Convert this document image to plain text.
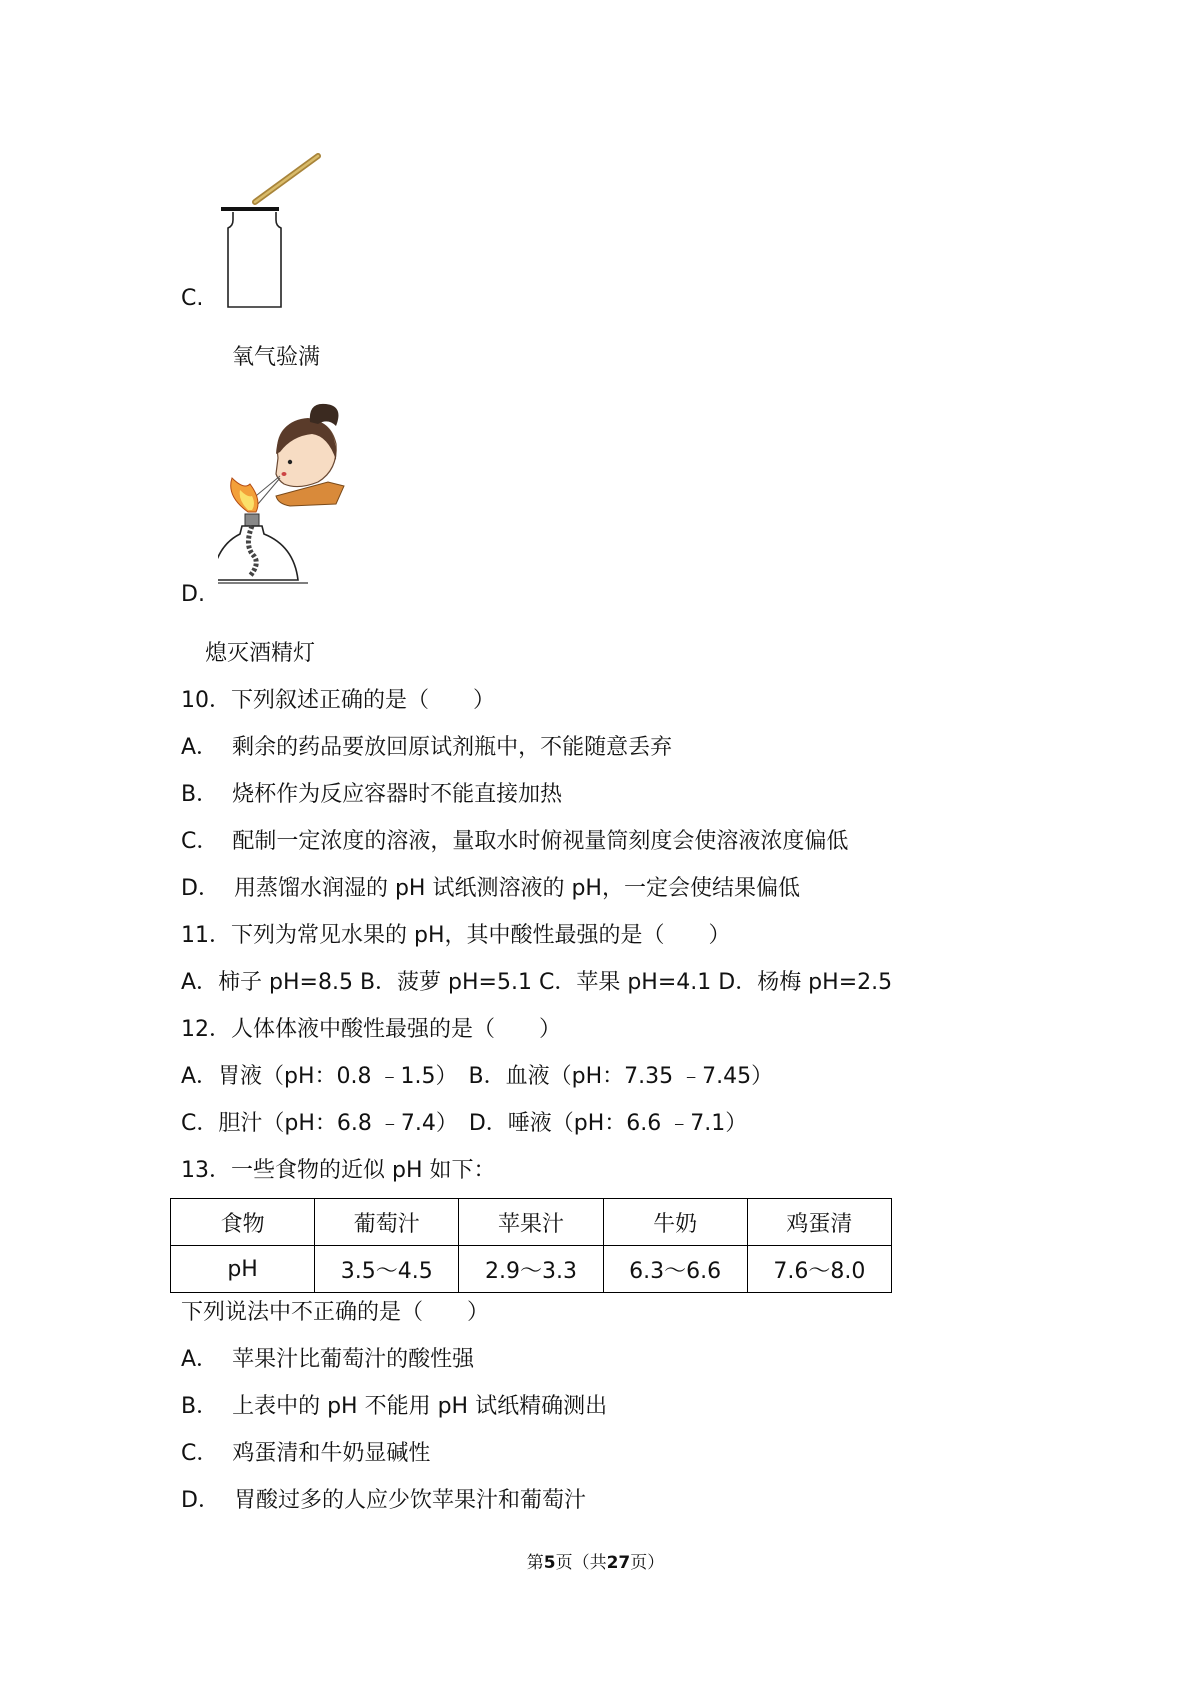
C.
氧气验满
D.
熄灭酒精灯
10．下列叙述正确的是（　　）
A． 剩余的药品要放回原试剂瓶中，不能随意丢弃
B． 烧杯作为反应容器时不能直接加热
C． 配制一定浓度的溶液，量取水时俯视量筒刻度会使溶液浓度偏低
D． 用蒸馏水润湿的 pH 试纸测溶液的 pH，一定会使结果偏低
11．下列为常见水果的 pH，其中酸性最强的是（　　）
A．柿子 pH=8.5 B．菠萝 pH=5.1 C．苹果 pH=4.1 D．杨梅 pH=2.5
12．人体体液中酸性最强的是（　　）
A．胃液（pH：0.8 ﹣1.5）　B．血液（pH：7.35 ﹣7.45）
C．胆汁（pH：6.8 ﹣7.4）　D．唾液（pH：6.6 ﹣7.1）
13．一些食物的近似 pH 如下：
食物	葡萄汁	苹果汁	牛奶	鸡蛋清
pH	3.5～4.5	2.9～3.3	6.3～6.6	7.6～8.0
下列说法中不正确的是（　　）
A． 苹果汁比葡萄汁的酸性强
B． 上表中的 pH 不能用 pH 试纸精确测出
C． 鸡蛋清和牛奶显碱性
D． 胃酸过多的人应少饮苹果汁和葡萄汁
第5页（共27页）
